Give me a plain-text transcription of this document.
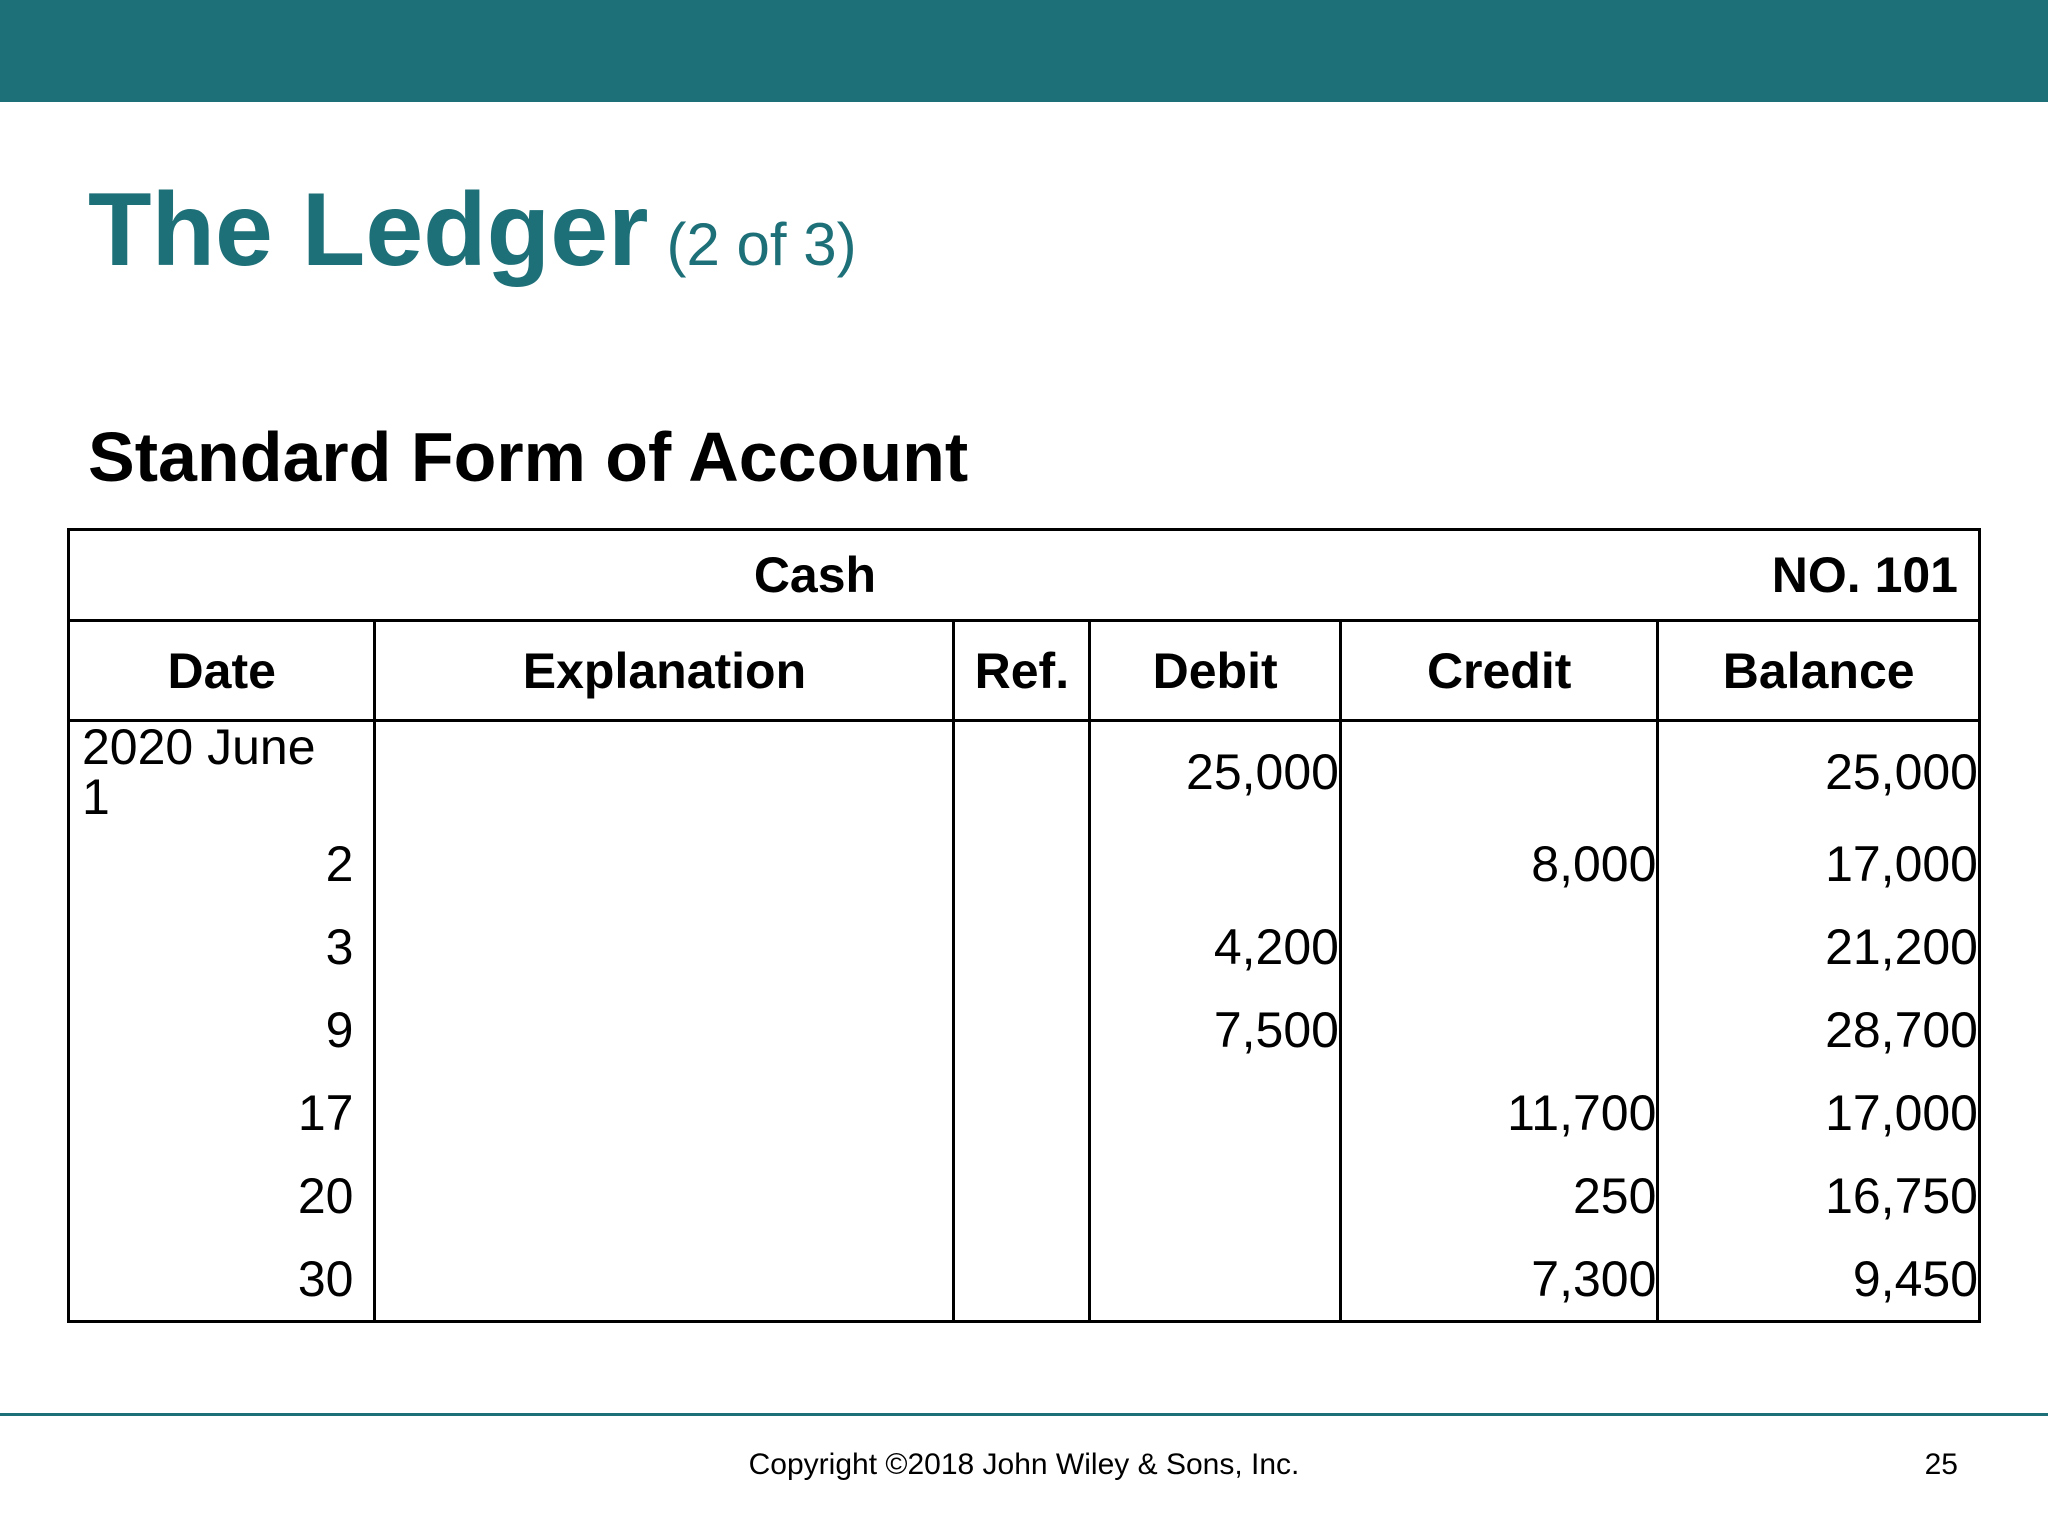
The Ledger (2 of 3)
Standard Form of Account
Cash					NO. 101
Date	Explanation	Ref.	Debit	Credit	Balance
2020 June 1			25,000		25,000
2				8,000	17,000
3			4,200		21,200
9			7,500		28,700
17				11,700	17,000
20				250	16,750
30				7,300	9,450
Copyright ©2018 John Wiley & Sons, Inc.	25
